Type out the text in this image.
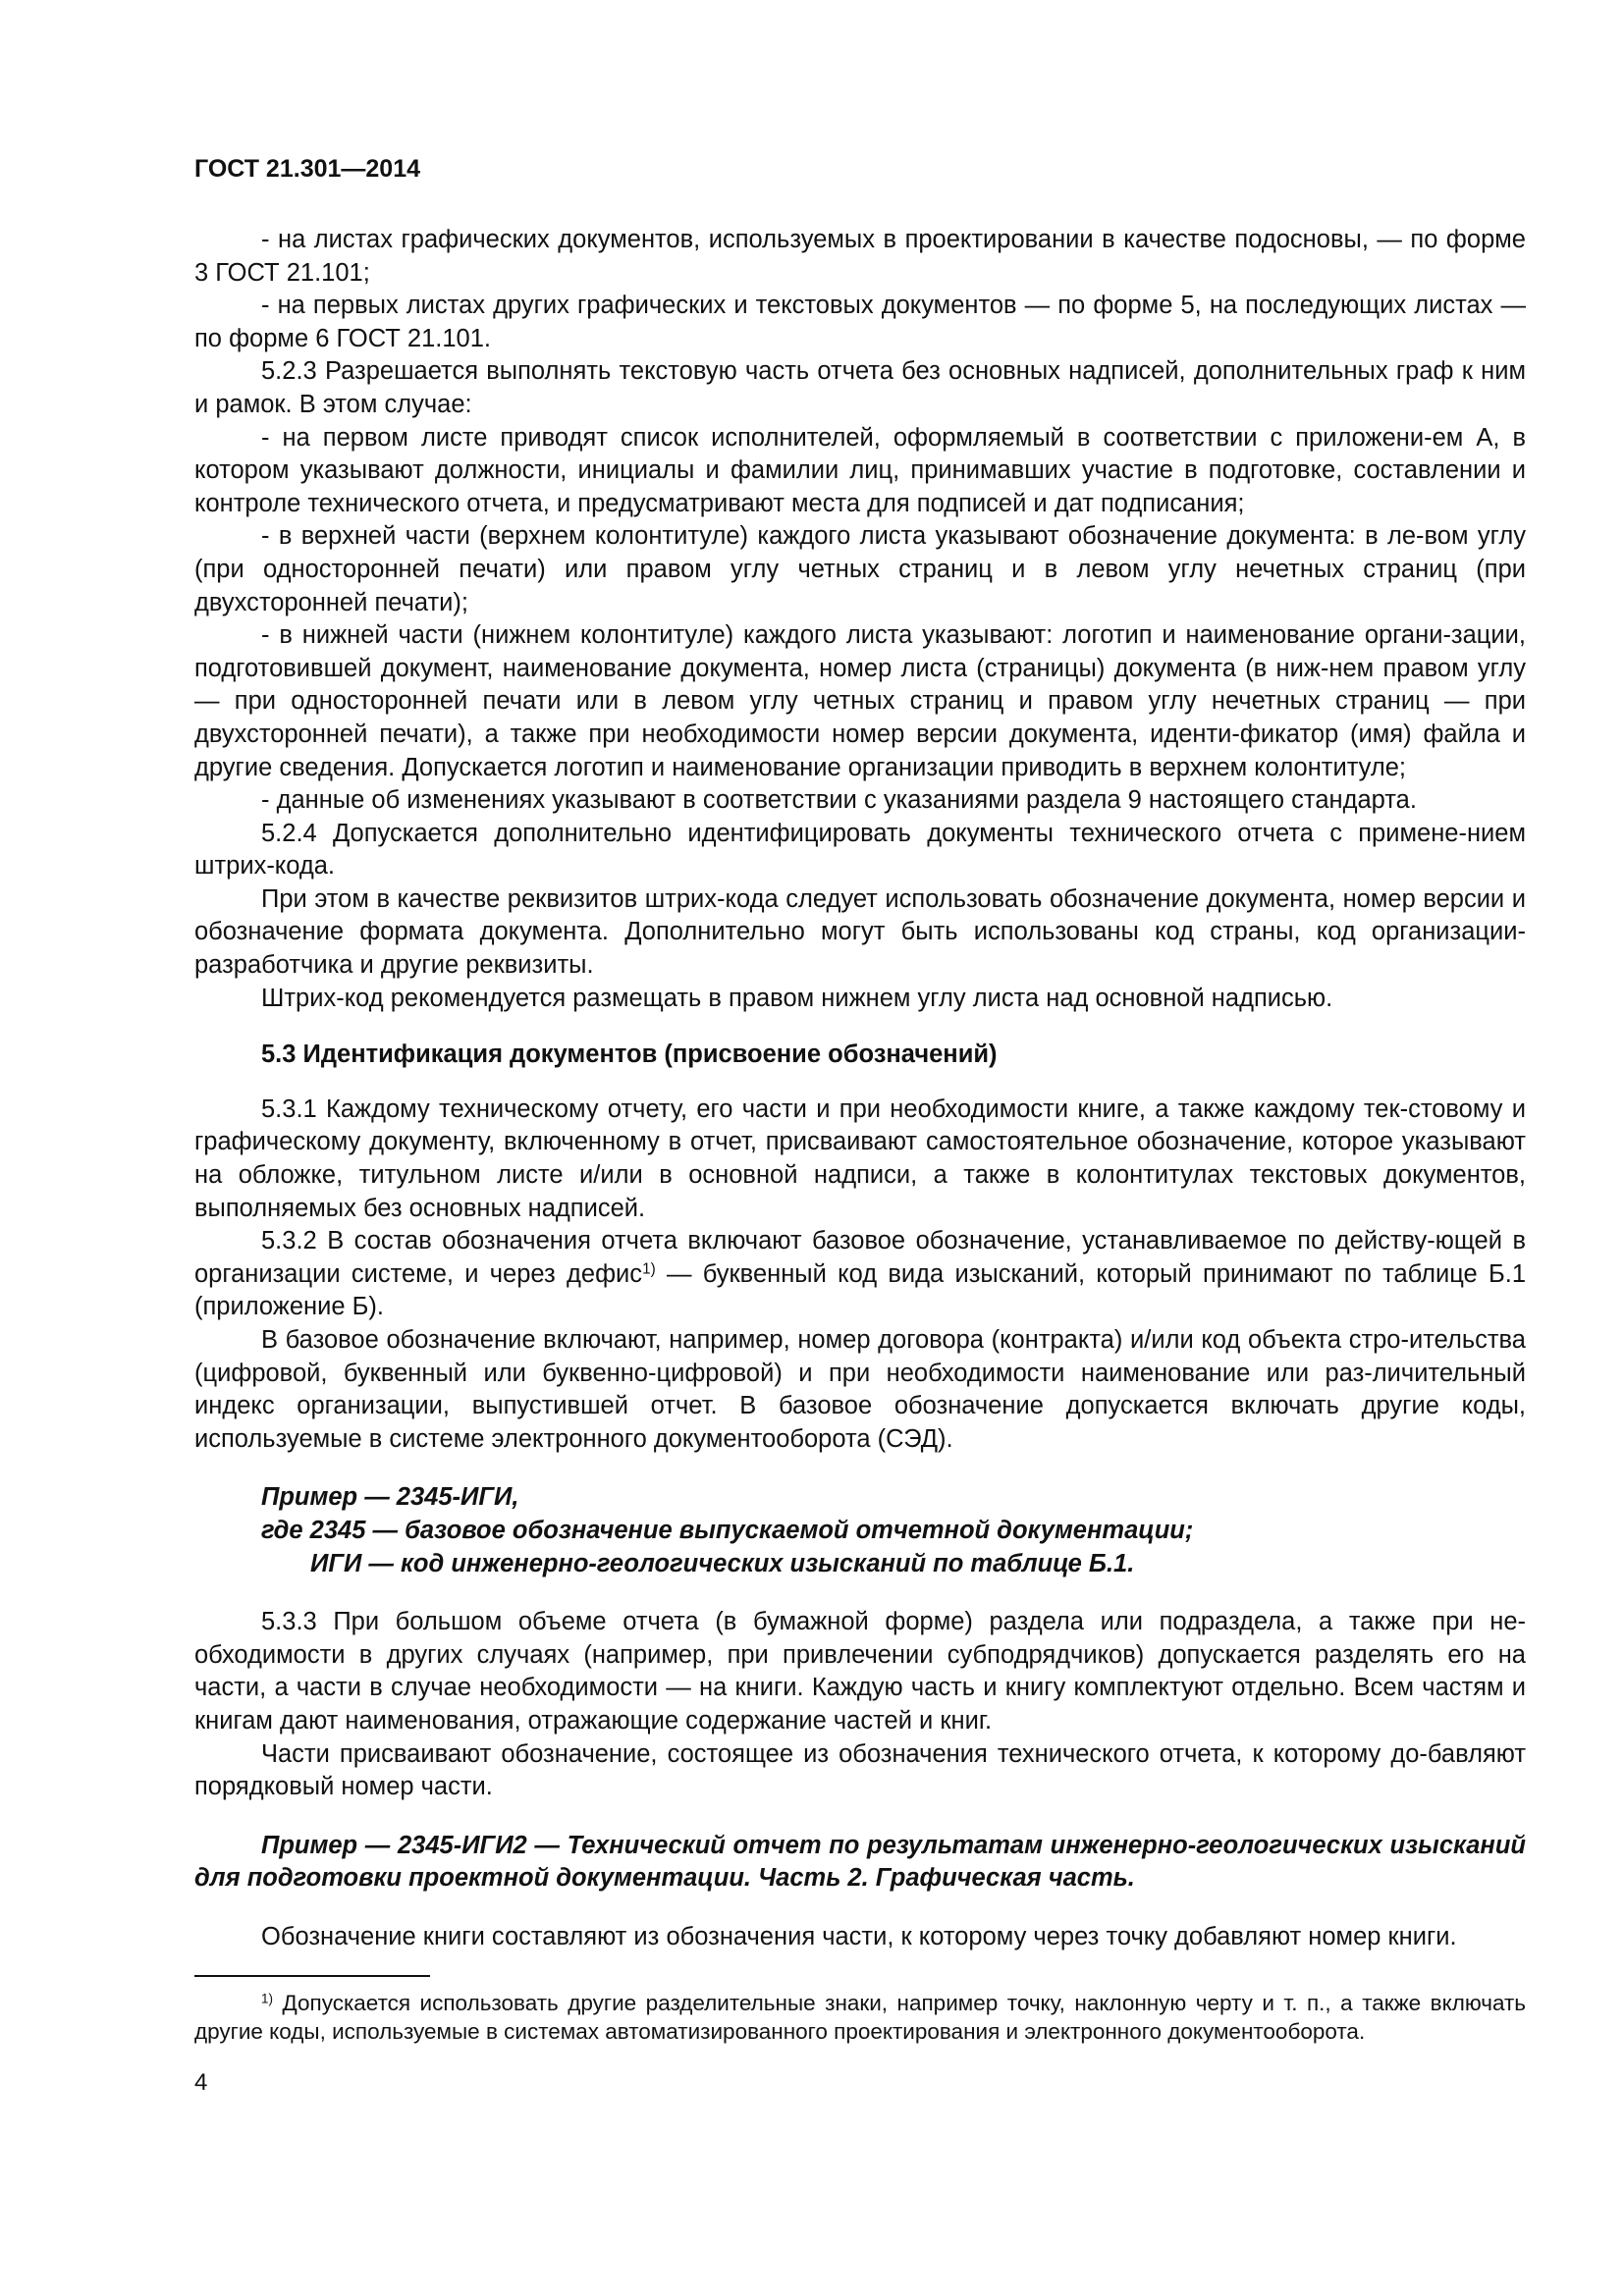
ГОСТ 21.301—2014

- на листах графических документов, используемых в проектировании в качестве подосновы, — по форме 3 ГОСТ 21.101;

- на первых листах других графических и текстовых документов — по форме 5, на последующих листах — по форме 6 ГОСТ 21.101.

5.2.3 Разрешается выполнять текстовую часть отчета без основных надписей, дополнительных граф к ним и рамок. В этом случае:

- на первом листе приводят список исполнителей, оформляемый в соответствии с приложени-ем А, в котором указывают должности, инициалы и фамилии лиц, принимавших участие в подготовке, составлении и контроле технического отчета, и предусматривают места для подписей и дат подписания;

- в верхней части (верхнем колонтитуле) каждого листа указывают обозначение документа: в ле-вом углу (при односторонней печати) или правом углу четных страниц и в левом углу нечетных страниц (при двухсторонней печати);

- в нижней части (нижнем колонтитуле) каждого листа указывают: логотип и наименование органи-зации, подготовившей документ, наименование документа, номер листа (страницы) документа (в ниж-нем правом углу — при односторонней печати или в левом углу четных страниц и правом углу нечетных страниц — при двухсторонней печати), а также при необходимости номер версии документа, иденти-фикатор (имя) файла и другие сведения. Допускается логотип и наименование организации приводить в верхнем колонтитуле;

- данные об изменениях указывают в соответствии с указаниями раздела 9 настоящего стандарта.

5.2.4 Допускается дополнительно идентифицировать документы технического отчета с примене-нием штрих-кода.

При этом в качестве реквизитов штрих-кода следует использовать обозначение документа, номер версии и обозначение формата документа. Дополнительно могут быть использованы код страны, код организации-разработчика и другие реквизиты.

Штрих-код рекомендуется размещать в правом нижнем углу листа над основной надписью.

5.3 Идентификация документов (присвоение обозначений)

5.3.1 Каждому техническому отчету, его части и при необходимости книге, а также каждому тек-стовому и графическому документу, включенному в отчет, присваивают самостоятельное обозначение, которое указывают на обложке, титульном листе и/или в основной надписи, а также в колонтитулах текстовых документов, выполняемых без основных надписей.

5.3.2 В состав обозначения отчета включают базовое обозначение, устанавливаемое по действу-ющей в организации системе, и через дефис$^{1)}$ — буквенный код вида изысканий, который принимают по таблице Б.1 (приложение Б).

В базовое обозначение включают, например, номер договора (контракта) и/или код объекта стро-ительства (цифровой, буквенный или буквенно-цифровой) и при необходимости наименование или раз-личительный индекс организации, выпустившей отчет. В базовое обозначение допускается включать другие коды, используемые в системе электронного документооборота (СЭД).

Пример — 2345-ИГИ,
где 2345 — базовое обозначение выпускаемой отчетной документации;
ИГИ — код инженерно-геологических изысканий по таблице Б.1.

5.3.3 При большом объеме отчета (в бумажной форме) раздела или подраздела, а также при не-обходимости в других случаях (например, при привлечении субподрядчиков) допускается разделять его на части, а части в случае необходимости — на книги. Каждую часть и книгу комплектуют отдельно. Всем частям и книгам дают наименования, отражающие содержание частей и книг.

Части присваивают обозначение, состоящее из обозначения технического отчета, к которому до-бавляют порядковый номер части.

Пример — 2345-ИГИ2 — Технический отчет по результатам инженерно-геологических изысканий для подготовки проектной документации. Часть 2. Графическая часть.

Обозначение книги составляют из обозначения части, к которому через точку добавляют номер книги.

$^{1)}$ Допускается использовать другие разделительные знаки, например точку, наклонную черту и т. п., а также включать другие коды, используемые в системах автоматизированного проектирования и электронного документооборота.
4
